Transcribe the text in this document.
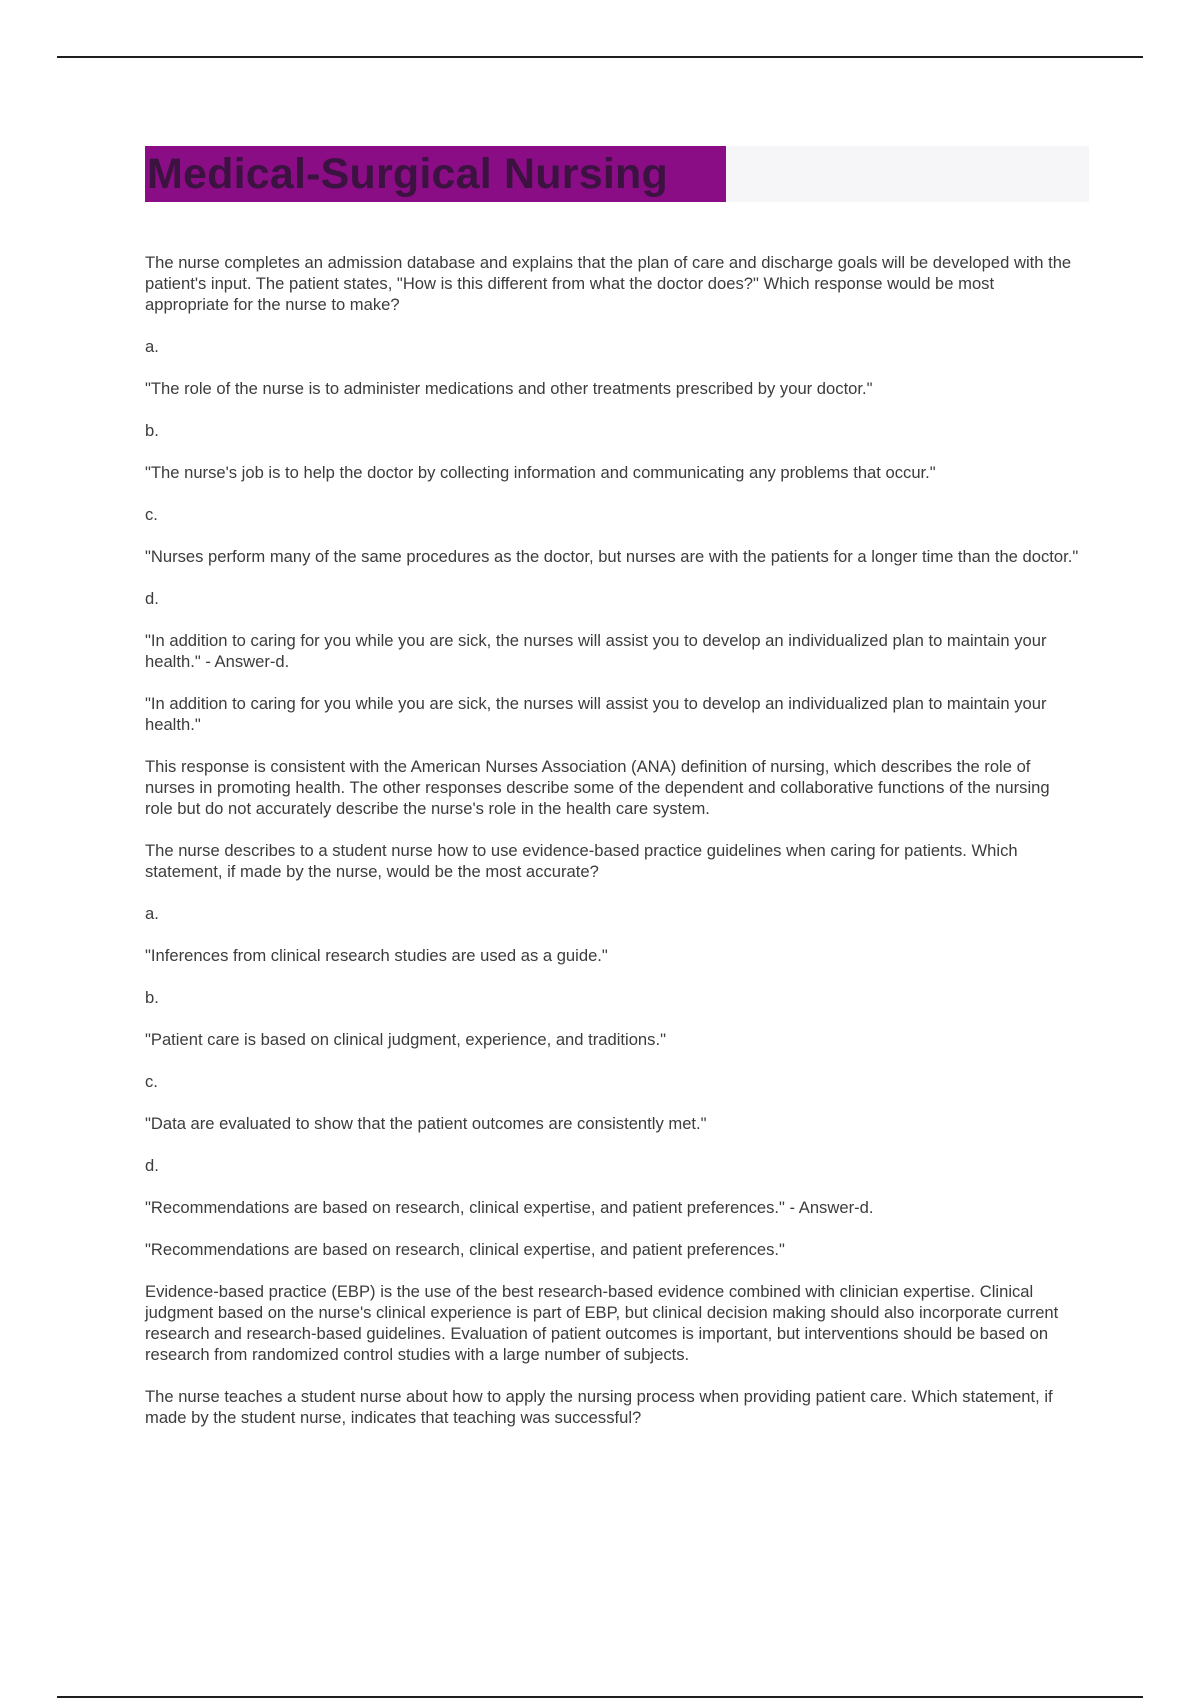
Medical-Surgical Nursing

The nurse completes an admission database and explains that the plan of care and discharge goals will be developed with the patient's input. The patient states, "How is this different from what the doctor does?" Which response would be most appropriate for the nurse to make?

a.

"The role of the nurse is to administer medications and other treatments prescribed by your doctor."

b.

"The nurse's job is to help the doctor by collecting information and communicating any problems that occur."

c.

"Nurses perform many of the same procedures as the doctor, but nurses are with the patients for a longer time than the doctor."

d.

"In addition to caring for you while you are sick, the nurses will assist you to develop an individualized plan to maintain your health." - Answer-d.

"In addition to caring for you while you are sick, the nurses will assist you to develop an individualized plan to maintain your health."

This response is consistent with the American Nurses Association (ANA) definition of nursing, which describes the role of nurses in promoting health. The other responses describe some of the dependent and collaborative functions of the nursing role but do not accurately describe the nurse's role in the health care system.

The nurse describes to a student nurse how to use evidence-based practice guidelines when caring for patients. Which statement, if made by the nurse, would be the most accurate?

a.

"Inferences from clinical research studies are used as a guide."

b.

"Patient care is based on clinical judgment, experience, and traditions."

c.

"Data are evaluated to show that the patient outcomes are consistently met."

d.

"Recommendations are based on research, clinical expertise, and patient preferences." - Answer-d.

"Recommendations are based on research, clinical expertise, and patient preferences."

Evidence-based practice (EBP) is the use of the best research-based evidence combined with clinician expertise. Clinical judgment based on the nurse's clinical experience is part of EBP, but clinical decision making should also incorporate current research and research-based guidelines. Evaluation of patient outcomes is important, but interventions should be based on research from randomized control studies with a large number of subjects.

The nurse teaches a student nurse about how to apply the nursing process when providing patient care. Which statement, if made by the student nurse, indicates that teaching was successful?
